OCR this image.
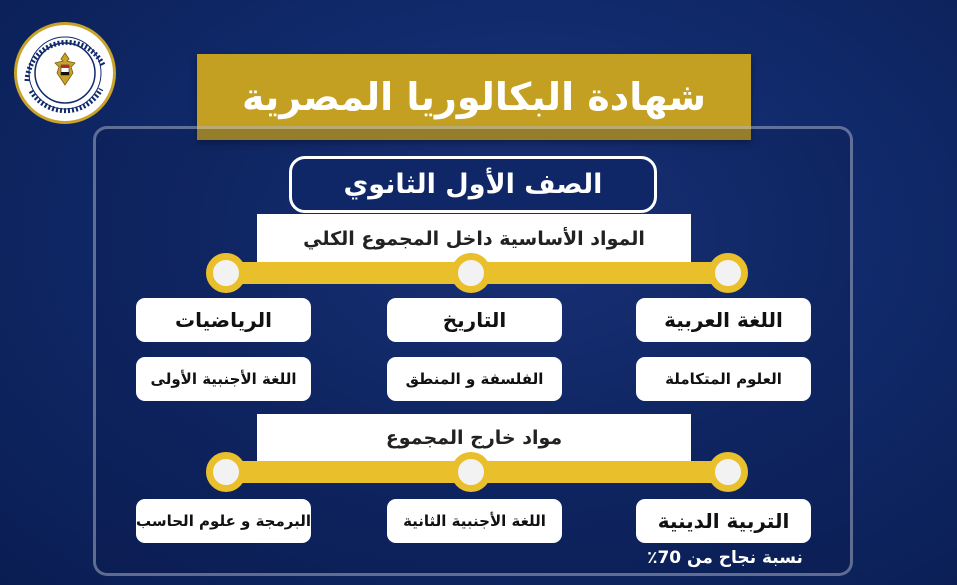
شهادة البكالوريا المصرية
الصف الأول الثانوي
المواد الأساسية داخل المجموع الكلي
اللغة العربية
التاريخ
الرياضيات
العلوم المتكاملة
الفلسفة و المنطق
اللغة الأجنبية الأولى
مواد خارج المجموع
التربية الدينية
اللغة الأجنبية الثانية
البرمجة و علوم الحاسب
نسبة نجاح من 70٪
